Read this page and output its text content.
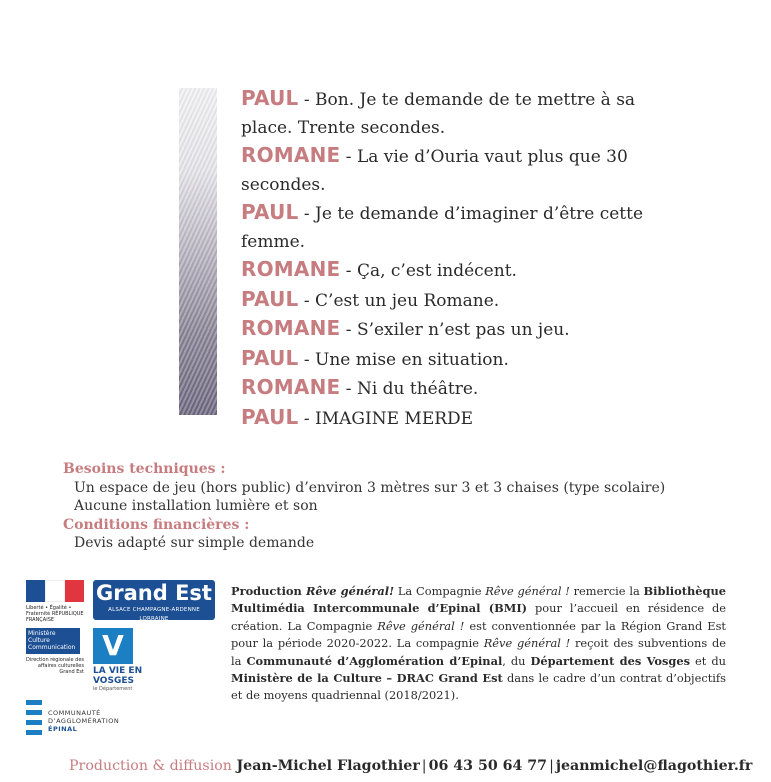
PAUL - Bon. Je te demande de te mettre à sa place. Trente secondes.
ROMANE - La vie d’Ouria vaut plus que 30 secondes.
PAUL - Je te demande d’imaginer d’être cette femme.
ROMANE - Ça, c’est indécent.
PAUL - C’est un jeu Romane.
ROMANE - S’exiler n’est pas un jeu.
PAUL - Une mise en situation.
ROMANE - Ni du théâtre.
PAUL - IMAGINE MERDE
Besoins techniques :
Un espace de jeu (hors public) d’environ 3 mètres sur 3 et 3 chaises (type scolaire)
Aucune installation lumière et son
Conditions financières :
Devis adapté sur simple demande
Liberté • Égalité • Fraternité RÉPUBLIQUE FRANÇAISE
Grand Est
ALSACE CHAMPAGNE-ARDENNE LORRAINE
Ministère Culture Communication
Direction régionale des affaires culturelles Grand Est
V
LA VIE EN VOSGES
le Département
COMMUNAUTÉ
D’AGGLOMÉRATION
ÉPINAL
Production Rêve général! La Compagnie Rêve général ! remercie la Bibliothèque Multimédia Intercommunale d’Epinal (BMI) pour l’accueil en résidence de création. La Compagnie Rêve général ! est conventionnée par la Région Grand Est pour la période 2020-2022. La compagnie Rêve général ! reçoit des subventions de la Communauté d’Agglomération d’Epinal, du Département des Vosges et du Ministère de la Culture – DRAC Grand Est dans le cadre d’un contrat d’objectifs et de moyens quadriennal (2018/2021).
Production & diffusion Jean-Michel Flagothier | 06 43 50 64 77 | jeanmichel@flagothier.fr
